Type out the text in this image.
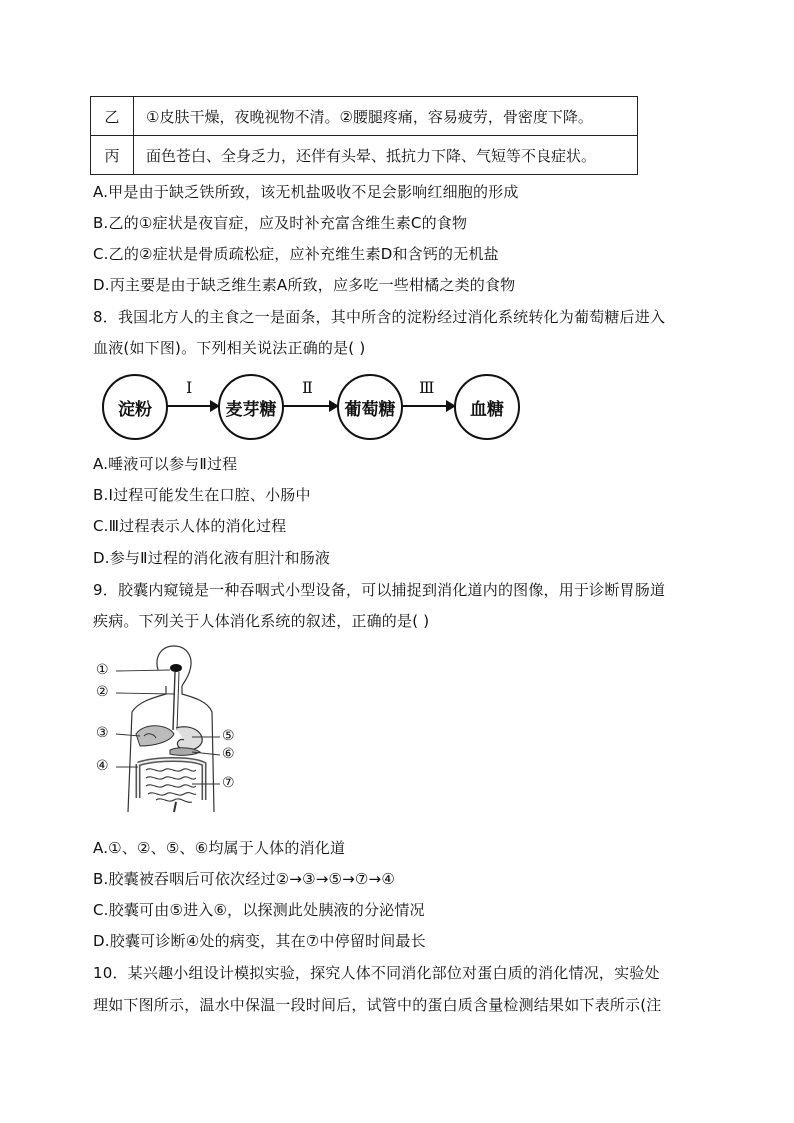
乙	①皮肤干燥，夜晚视物不清。②腰腿疼痛，容易疲劳，骨密度下降。
丙	面色苍白、全身乏力，还伴有头晕、抵抗力下降、气短等不良症状。
A.甲是由于缺乏铁所致，该无机盐吸收不足会影响红细胞的形成
B.乙的①症状是夜盲症，应及时补充富含维生素C的食物
C.乙的②症状是骨质疏松症，应补充维生素D和含钙的无机盐
D.丙主要是由于缺乏维生素A所致，应多吃一些柑橘之类的食物
8．我国北方人的主食之一是面条，其中所含的淀粉经过消化系统转化为葡萄糖后进入
血液(如下图)。下列相关说法正确的是( )
淀粉
Ⅰ
麦芽糖
Ⅱ
葡萄糖
Ⅲ
血糖
A.唾液可以参与Ⅱ过程
B.Ⅰ过程可能发生在口腔、小肠中
C.Ⅲ过程表示人体的消化过程
D.参与Ⅱ过程的消化液有胆汁和肠液
9．胶囊内窥镜是一种吞咽式小型设备，可以捕捉到消化道内的图像，用于诊断胃肠道
疾病。下列关于人体消化系统的叙述，正确的是( )
①
②
③
④
⑤
⑥
⑦
A.①、②、⑤、⑥均属于人体的消化道
B.胶囊被吞咽后可依次经过②→③→⑤→⑦→④
C.胶囊可由⑤进入⑥，以探测此处胰液的分泌情况
D.胶囊可诊断④处的病变，其在⑦中停留时间最长
10．某兴趣小组设计模拟实验，探究人体不同消化部位对蛋白质的消化情况，实验处
理如下图所示，温水中保温一段时间后，试管中的蛋白质含量检测结果如下表所示(注
